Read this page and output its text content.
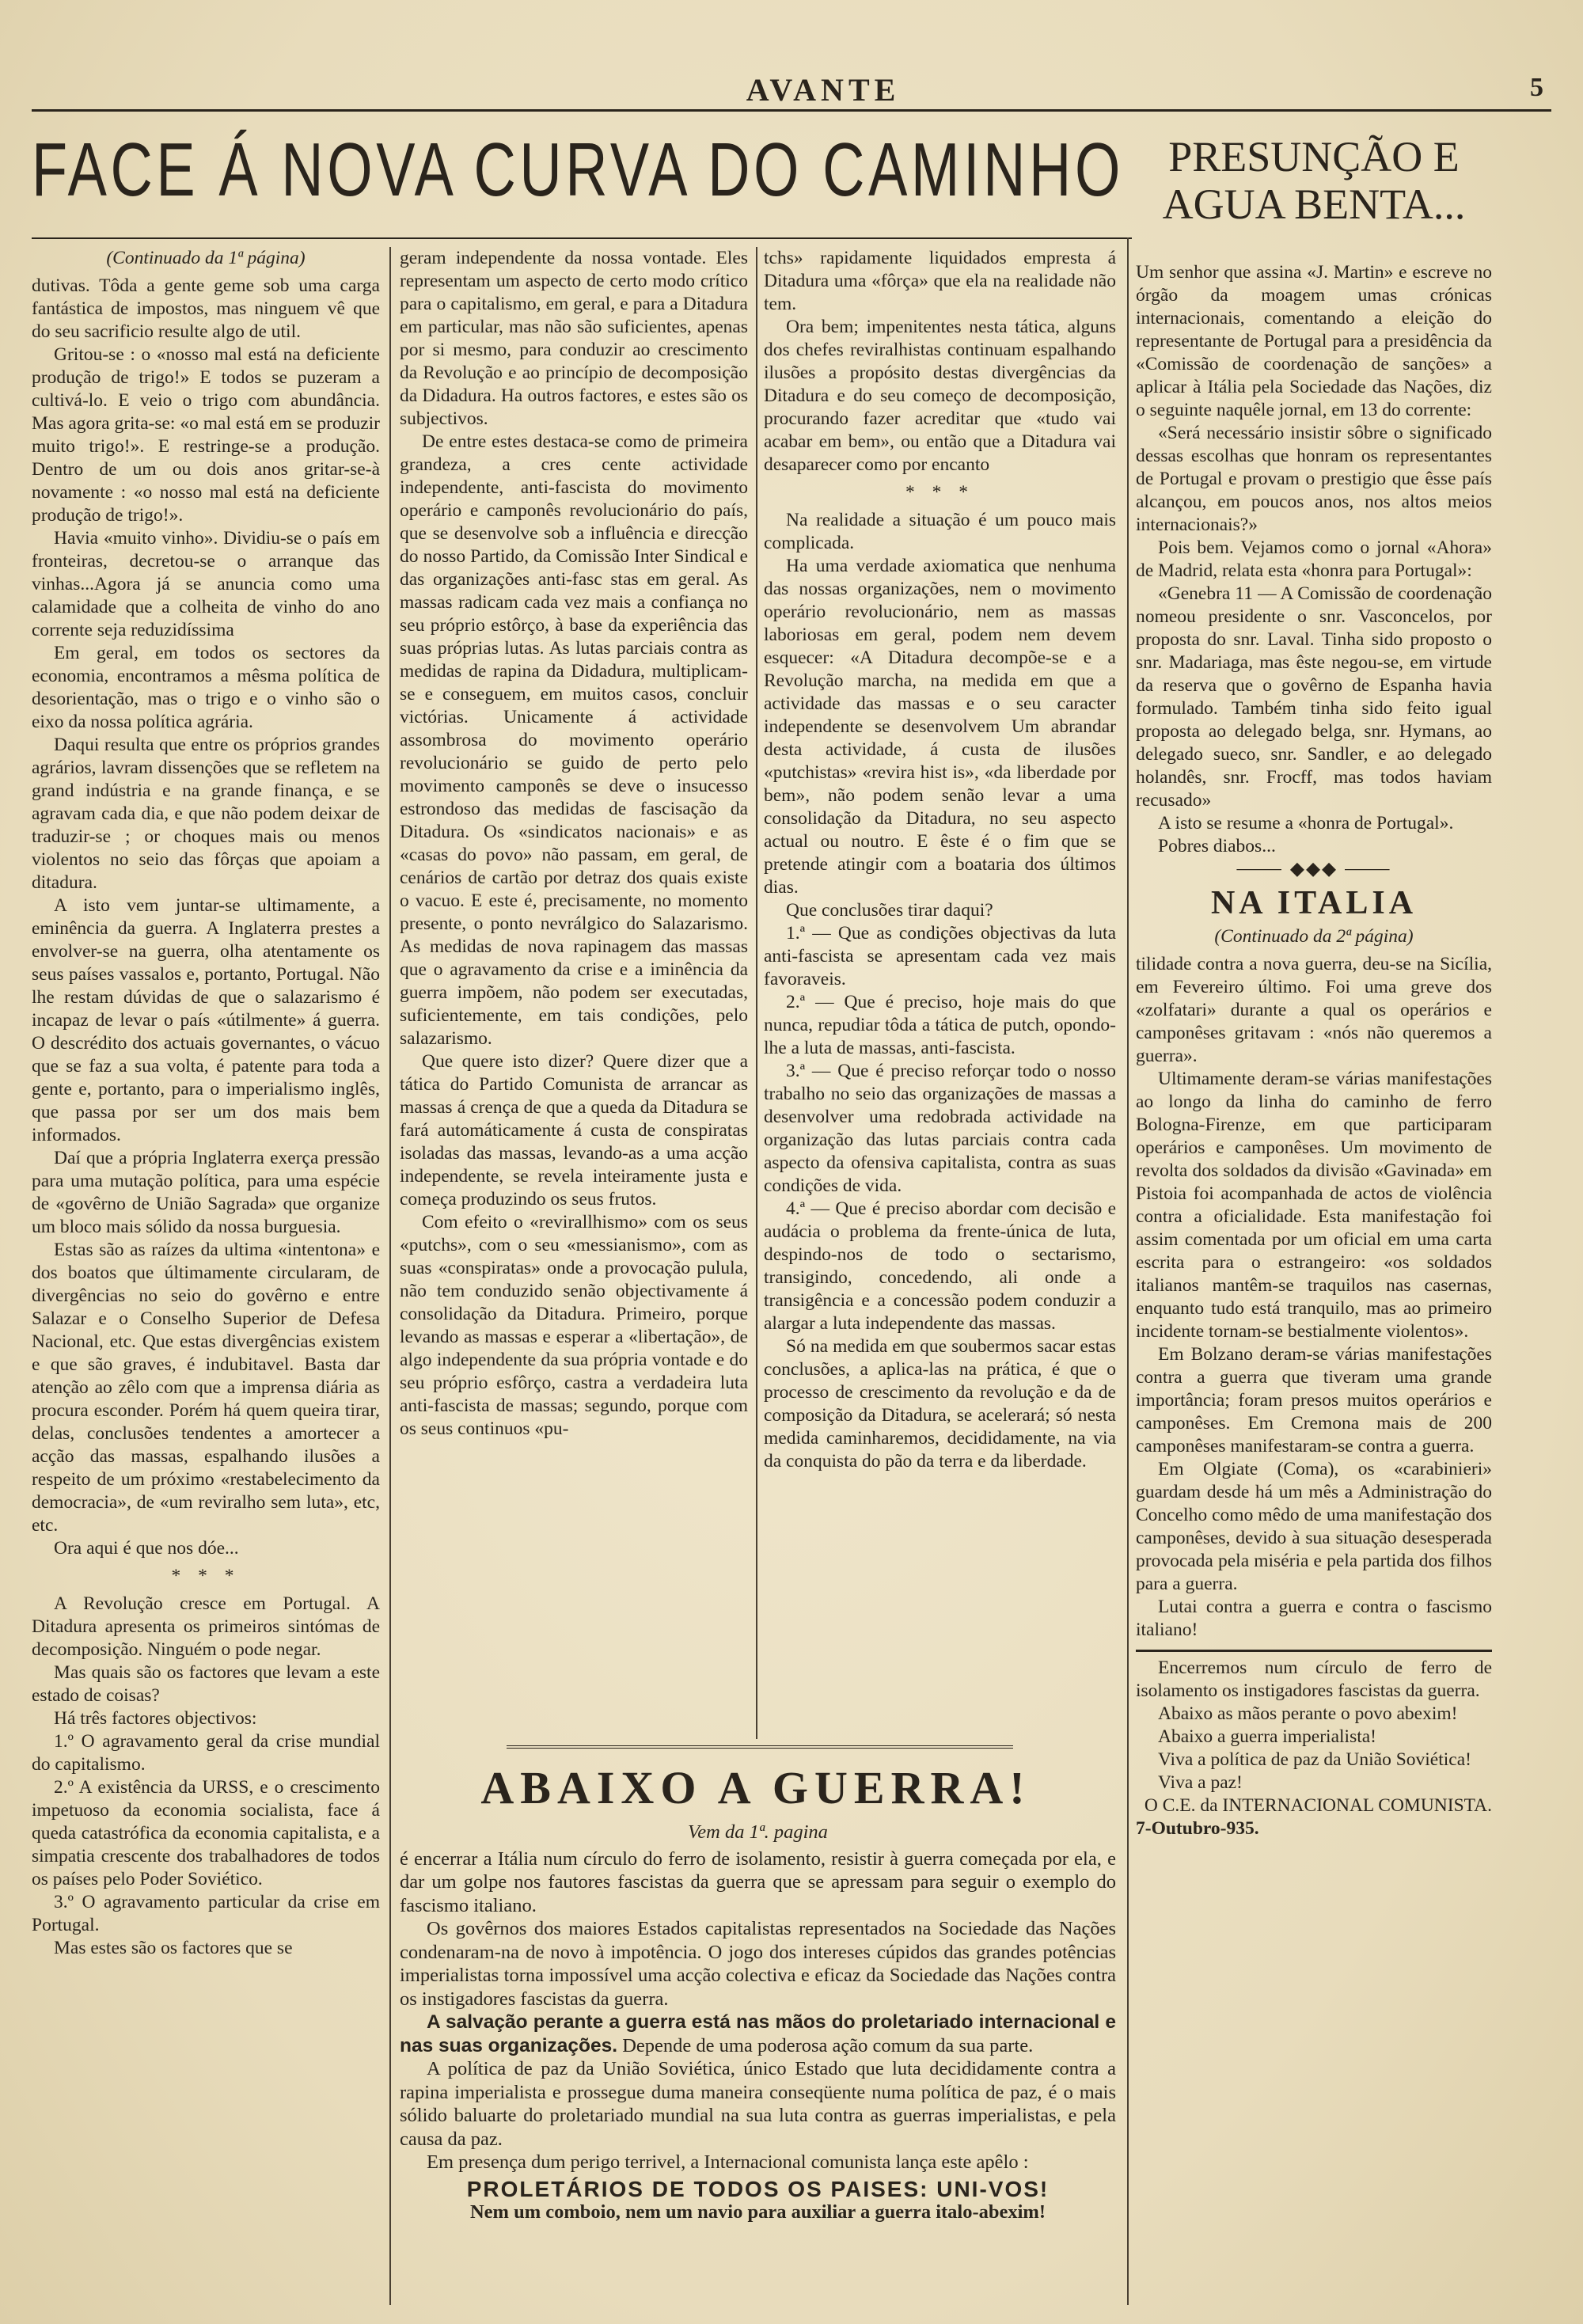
AVANTE	5
FACE Á NOVA CURVA DO CAMINHO	PRESUNÇÃO E AGUA BENTA...

(Continuado da 1ª página)

dutivas. Tôda a gente geme sob uma carga fantástica de impostos, mas ninguem vê que do seu sacrificio resulte algo de util.

Gritou-se : o «nosso mal está na deficiente produção de trigo!» E todos se puzeram a cultivá-lo. E veio o trigo com abundância. Mas agora grita-se: «o mal está em se produzir muito trigo!». E restringe-se a produção. Dentro de um ou dois anos gritar-se-à novamente : «o nosso mal está na deficiente produção de trigo!».

Havia «muito vinho». Dividiu-se o país em fronteiras, decretou-se o arranque das vinhas...Agora já se anuncia como uma calamidade que a colheita de vinho do ano corrente seja reduzidíssima

Em geral, em todos os sectores da economia, encontramos a mêsma política de desorientação, mas o trigo e o vinho são o eixo da nossa política agrária.

Daqui resulta que entre os próprios grandes agrários, lavram dissenções que se refletem na grand indústria e na grande finança, e se agravam cada dia, e que não podem deixar de traduzir-se ; or choques mais ou menos violentos no seio das fôrças que apoiam a ditadura.

A isto vem juntar-se ultimamente, a eminência da guerra. A Inglaterra prestes a envolver-se na guerra, olha atentamente os seus países vassalos e, portanto, Portugal. Não lhe restam dúvidas de que o salazarismo é incapaz de levar o país «útilmente» á guerra. O descrédito dos actuais governantes, o vácuo que se faz a sua volta, é patente para toda a gente e, portanto, para o imperialismo inglês, que passa por ser um dos mais bem informados.

Daí que a própria Inglaterra exerça pressão para uma mutação política, para uma espécie de «govêrno de União Sagrada» que organize um bloco mais sólido da nossa burguesia.

Estas são as raízes da ultima «intentona» e dos boatos que últimamente circularam, de divergências no seio do govêrno e entre Salazar e o Conselho Superior de Defesa Nacional, etc. Que estas divergências existem e que são graves, é indubitavel. Basta dar atenção ao zêlo com que a imprensa diária as procura esconder. Porém há quem queira tirar, delas, conclusões tendentes a amortecer a acção das massas, espalhando ilusões a respeito de um próximo «restabelecimento da democracia», de «um reviralho sem luta», etc, etc.

Ora aqui é que nos dóe...

* * *

A Revolução cresce em Portugal. A Ditadura apresenta os primeiros sintómas de decomposição. Ninguém o pode negar.

Mas quais são os factores que levam a este estado de coisas?

Há três factores objectivos:

1.º O agravamento geral da crise mundial do capitalismo.

2.º A existência da URSS, e o crescimento impetuoso da economia socialista, face á queda catastrófica da economia capitalista, e a simpatia crescente dos trabalhadores de todos os países pelo Poder Soviético.

3.º O agravamento particular da crise em Portugal.

Mas estes são os factores que se

geram independente da nossa vontade. Eles representam um aspecto de certo modo crítico para o capitalismo, em geral, e para a Ditadura em particular, mas não são suficientes, apenas por si mesmo, para conduzir ao crescimento da Revolução e ao princípio de decomposição da Didadura. Ha outros factores, e estes são os subjectivos.

De entre estes destaca-se como de primeira grandeza, a cres cente actividade independente, anti-fascista do movimento operário e camponês revolucionário do país, que se desenvolve sob a influência e direcção do nosso Partido, da Comissão Inter Sindical e das organizações anti-fasc stas em geral. As massas radicam cada vez mais a confiança no seu próprio estôrço, à base da experiência das suas próprias lutas. As lutas parciais contra as medidas de rapina da Didadura, multiplicam-se e conseguem, em muitos casos, concluir victórias. Unicamente á actividade assombrosa do movimento operário revolucionário se guido de perto pelo movimento camponês se deve o insucesso estrondoso das medidas de fascisação da Ditadura. Os «sindicatos nacionais» e as «casas do povo» não passam, em geral, de cenários de cartão por detraz dos quais existe o vacuo. E este é, precisamente, no momento presente, o ponto nevrálgico do Salazarismo. As medidas de nova rapinagem das massas que o agravamento da crise e a iminência da guerra impõem, não podem ser executadas, suficientemente, em tais condições, pelo salazarismo.

Que quere isto dizer? Quere dizer que a tática do Partido Comunista de arrancar as massas á crença de que a queda da Ditadura se fará automáticamente á custa de conspiratas isoladas das massas, levando-as a uma acção independente, se revela inteiramente justa e começa produzindo os seus frutos.

Com efeito o «revirallhismo» com os seus «putchs», com o seu «messianismo», com as suas «conspiratas» onde a provocação pulula, não tem conduzido senão objectivamente á consolidação da Ditadura. Primeiro, porque levando as massas e esperar a «libertação», de algo independente da sua própria vontade e do seu próprio esfôrço, castra a verdadeira luta anti-fascista de massas; segundo, porque com os seus continuos «pu-

tchs» rapidamente liquidados empresta á Ditadura uma «fôrça» que ela na realidade não tem.

Ora bem; impenitentes nesta tática, alguns dos chefes reviralhistas continuam espalhando ilusões a propósito destas divergências da Ditadura e do seu começo de decomposição, procurando fazer acreditar que «tudo vai acabar em bem», ou então que a Ditadura vai desaparecer como por encanto

* * *

Na realidade a situação é um pouco mais complicada.

Ha uma verdade axiomatica que nenhuma das nossas organizações, nem o movimento operário revolucionário, nem as massas laboriosas em geral, podem nem devem esquecer: «A Ditadura decompõe-se e a Revolução marcha, na medida em que a actividade das massas e o seu caracter independente se desenvolvem Um abrandar desta actividade, á custa de ilusões «putchistas» «revira hist is», «da liberdade por bem», não podem senão levar a uma consolidação da Ditadura, no seu aspecto actual ou noutro. E êste é o fim que se pretende atingir com a boataria dos últimos dias.

Que conclusões tirar daqui?

1.ª — Que as condições objectivas da luta anti-fascista se apresentam cada vez mais favoraveis.

2.ª — Que é preciso, hoje mais do que nunca, repudiar tôda a tática de putch, opondo-lhe a luta de massas, anti-fascista.

3.ª — Que é preciso reforçar todo o nosso trabalho no seio das organizações de massas a desenvolver uma redobrada actividade na organização das lutas parciais contra cada aspecto da ofensiva capitalista, contra as suas condições de vida.

4.ª — Que é preciso abordar com decisão e audácia o problema da frente-única de luta, despindo-nos de todo o sectarismo, transigindo, concedendo, ali onde a transigência e a concessão podem conduzir a alargar a luta independente das massas.

Só na medida em que soubermos sacar estas conclusões, a aplica-las na prática, é que o processo de crescimento da revolução e da de composição da Ditadura, se acelerará; só nesta medida caminharemos, decididamente, na via da conquista do pão da terra e da liberdade.

Um senhor que assina «J. Martin» e escreve no órgão da moagem umas crónicas internacionais, comentando a eleição do representante de Portugal para a presidência da «Comissão de coordenação de sanções» a aplicar à Itália pela Sociedade das Nações, diz o seguinte naquêle jornal, em 13 do corrente:

«Será necessário insistir sôbre o significado dessas escolhas que honram os representantes de Portugal e provam o prestigio que êsse país alcançou, em poucos anos, nos altos meios internacionais?»

Pois bem. Vejamos como o jornal «Ahora» de Madrid, relata esta «honra para Portugal»:

«Genebra 11 — A Comissão de coordenação nomeou presidente o snr. Vasconcelos, por proposta do snr. Laval. Tinha sido proposto o snr. Madariaga, mas êste negou-se, em virtude da reserva que o govêrno de Espanha havia formulado. Também tinha sido feito igual proposta ao delegado belga, snr. Hymans, ao delegado sueco, snr. Sandler, e ao delegado holandês, snr. Frocff, mas todos haviam recusado»

A isto se resume a «honra de Portugal».

Pobres diabos...

⸻ ◆◆◆ ⸻

NA ITALIA

(Continuado da 2ª página)

tilidade contra a nova guerra, deu-se na Sicília, em Fevereiro último. Foi uma greve dos «zolfatari» durante a qual os operários e camponêses gritavam : «nós não queremos a guerra».

Ultimamente deram-se várias manifestações ao longo da linha do caminho de ferro Bologna-Firenze, em que participaram operários e camponêses. Um movimento de revolta dos soldados da divisão «Gavinada» em Pistoia foi acompanhada de actos de violência contra a oficialidade. Esta manifestação foi assim comentada por um oficial em uma carta escrita para o estrangeiro: «os soldados italianos mantêm-se traquilos nas casernas, enquanto tudo está tranquilo, mas ao primeiro incidente tornam-se bestialmente violentos».

Em Bolzano deram-se várias manifestações contra a guerra que tiveram uma grande importância; foram presos muitos operários e camponêses. Em Cremona mais de 200 camponêses manifestaram-se contra a guerra.

Em Olgiate (Coma), os «carabinieri» guardam desde há um mês a Administração do Concelho como mêdo de uma manifestação dos camponêses, devido à sua situação desesperada provocada pela miséria e pela partida dos filhos para a guerra.

Lutai contra a guerra e contra o fascismo italiano!

Encerremos num círculo de ferro de isolamento os instigadores fascistas da guerra.

Abaixo as mãos perante o povo abexim!

Abaixo a guerra imperialista!

Viva a política de paz da União Soviética!

Viva a paz!

O C.E. da INTERNACIONAL COMUNISTA.

7-Outubro-935.

ABAIXO A GUERRA!

Vem da 1ª. pagina

é encerrar a Itália num círculo do ferro de isolamento, resistir à guerra começada por ela, e dar um golpe nos fautores fascistas da guerra que se apressam para seguir o exemplo do fascismo italiano.

Os govêrnos dos maiores Estados capitalistas representados na Sociedade das Nações condenaram-na de novo à impotência. O jogo dos intereses cúpidos das grandes potências imperialistas torna impossível uma acção colectiva e eficaz da Sociedade das Nações contra os instigadores fascistas da guerra.

A salvação perante a guerra está nas mãos do proletariado internacional e nas suas organizações. Depende de uma poderosa ação comum da sua parte.

A política de paz da União Soviética, único Estado que luta decididamente contra a rapina imperialista e prossegue duma maneira conseqüente numa política de paz, é o mais sólido baluarte do proletariado mundial na sua luta contra as guerras imperialistas, e pela causa da paz.

Em presença dum perigo terrivel, a Internacional comunista lança este apêlo :

PROLETÁRIOS DE TODOS OS PAISES: UNI-VOS!

Nem um comboio, nem um navio para auxiliar a guerra italo-abexim!
